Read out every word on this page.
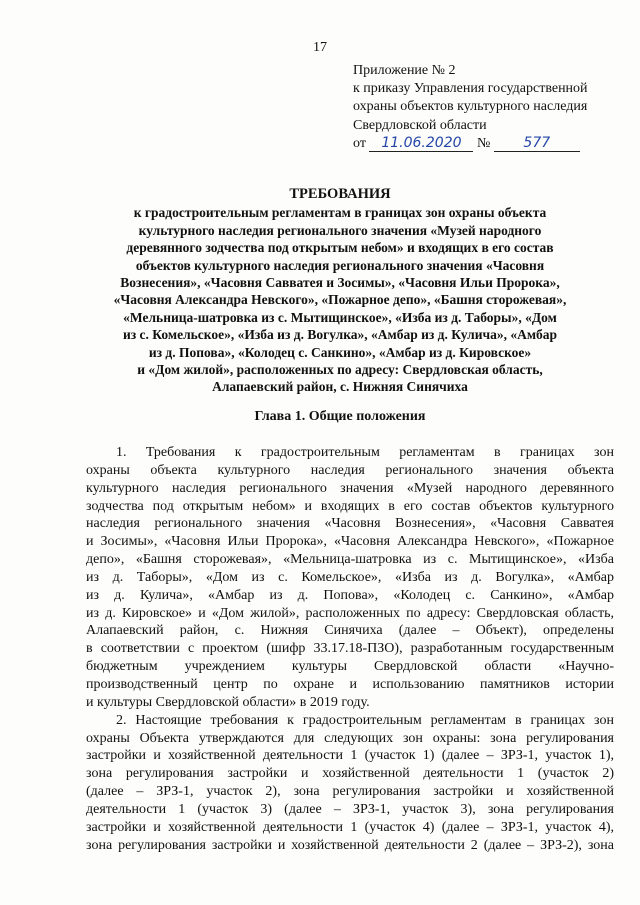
17
Приложение № 2
к приказу Управления государственной
охраны объектов культурного наследия
Свердловской области
от 11.06.2020 № 577
ТРЕБОВАНИЯ
к градостроительным регламентам в границах зон охраны объекта
культурного наследия регионального значения «Музей народного
деревянного зодчества под открытым небом» и входящих в его состав
объектов культурного наследия регионального значения «Часовня
Вознесения», «Часовня Савватея и Зосимы», «Часовня Ильи Пророка»,
«Часовня Александра Невского», «Пожарное депо», «Башня сторожевая»,
«Мельница-шатровка из с. Мытищинское», «Изба из д. Таборы», «Дом
из с. Комельское», «Изба из д. Вогулка», «Амбар из д. Кулича», «Амбар
из д. Попова», «Колодец с. Санкино», «Амбар из д. Кировское»
и «Дом жилой», расположенных по адресу: Свердловская область,
Алапаевский район, с. Нижняя Синячиха
Глава 1. Общие положения
1. Требования к градостроительным регламентам в границах зон
охраны объекта культурного наследия регионального значения объекта
культурного наследия регионального значения «Музей народного деревянного
зодчества под открытым небом» и входящих в его состав объектов культурного
наследия регионального значения «Часовня Вознесения», «Часовня Савватея
и Зосимы», «Часовня Ильи Пророка», «Часовня Александра Невского», «Пожарное
депо», «Башня сторожевая», «Мельница-шатровка из с. Мытищинское», «Изба
из д. Таборы», «Дом из с. Комельское», «Изба из д. Вогулка», «Амбар
из д. Кулича», «Амбар из д. Попова», «Колодец с. Санкино», «Амбар
из д. Кировское» и «Дом жилой», расположенных по адресу: Свердловская область,
Алапаевский район, с. Нижняя Синячиха (далее – Объект), определены
в соответствии с проектом (шифр 33.17.18-ПЗО), разработанным государственным
бюджетным учреждением культуры Свердловской области «Научно-
производственный центр по охране и использованию памятников истории
и культуры Свердловской области» в 2019 году.
2. Настоящие требования к градостроительным регламентам в границах зон
охраны Объекта утверждаются для следующих зон охраны: зона регулирования
застройки и хозяйственной деятельности 1 (участок 1) (далее – ЗРЗ-1, участок 1),
зона регулирования застройки и хозяйственной деятельности 1 (участок 2)
(далее – ЗРЗ-1, участок 2), зона регулирования застройки и хозяйственной
деятельности 1 (участок 3) (далее – ЗРЗ-1, участок 3), зона регулирования
застройки и хозяйственной деятельности 1 (участок 4) (далее – ЗРЗ-1, участок 4),
зона регулирования застройки и хозяйственной деятельности 2 (далее – ЗРЗ-2), зона
